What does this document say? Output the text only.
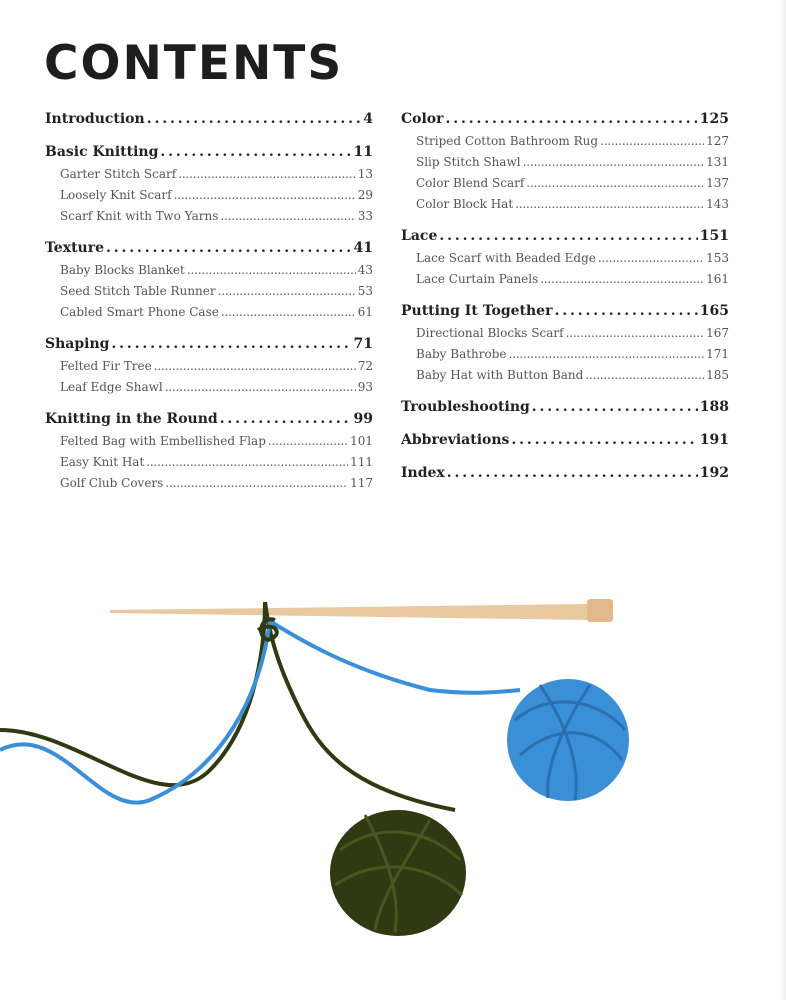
CONTENTS
Introduction . . .	4
Basic Knitting . . .	11
Garter Stitch Scarf . . .	13
Loosely Knit Scarf . . .	29
Scarf Knit with Two Yarns . . .	33
Texture . . .	41
Baby Blocks Blanket . . .	43
Seed Stitch Table Runner . . .	53
Cabled Smart Phone Case . . .	61
Shaping . . .	71
Felted Fir Tree . . .	72
Leaf Edge Shawl . . .	93
Knitting in the Round . . .	99
Felted Bag with Embellished Flap . . .	101
Easy Knit Hat . . .	111
Golf Club Covers . . .	117
Color . . .	125
Striped Cotton Bathroom Rug . . .	127
Slip Stitch Shawl . . .	131
Color Blend Scarf . . .	137
Color Block Hat . . .	143
Lace . . .	151
Lace Scarf with Beaded Edge . . .	153
Lace Curtain Panels . . .	161
Putting It Together . . .	165
Directional Blocks Scarf . . .	167
Baby Bathrobe . . .	171
Baby Hat with Button Band . . .	185
Troubleshooting . . .	188
Abbreviations . . .	191
Index . . .	192
